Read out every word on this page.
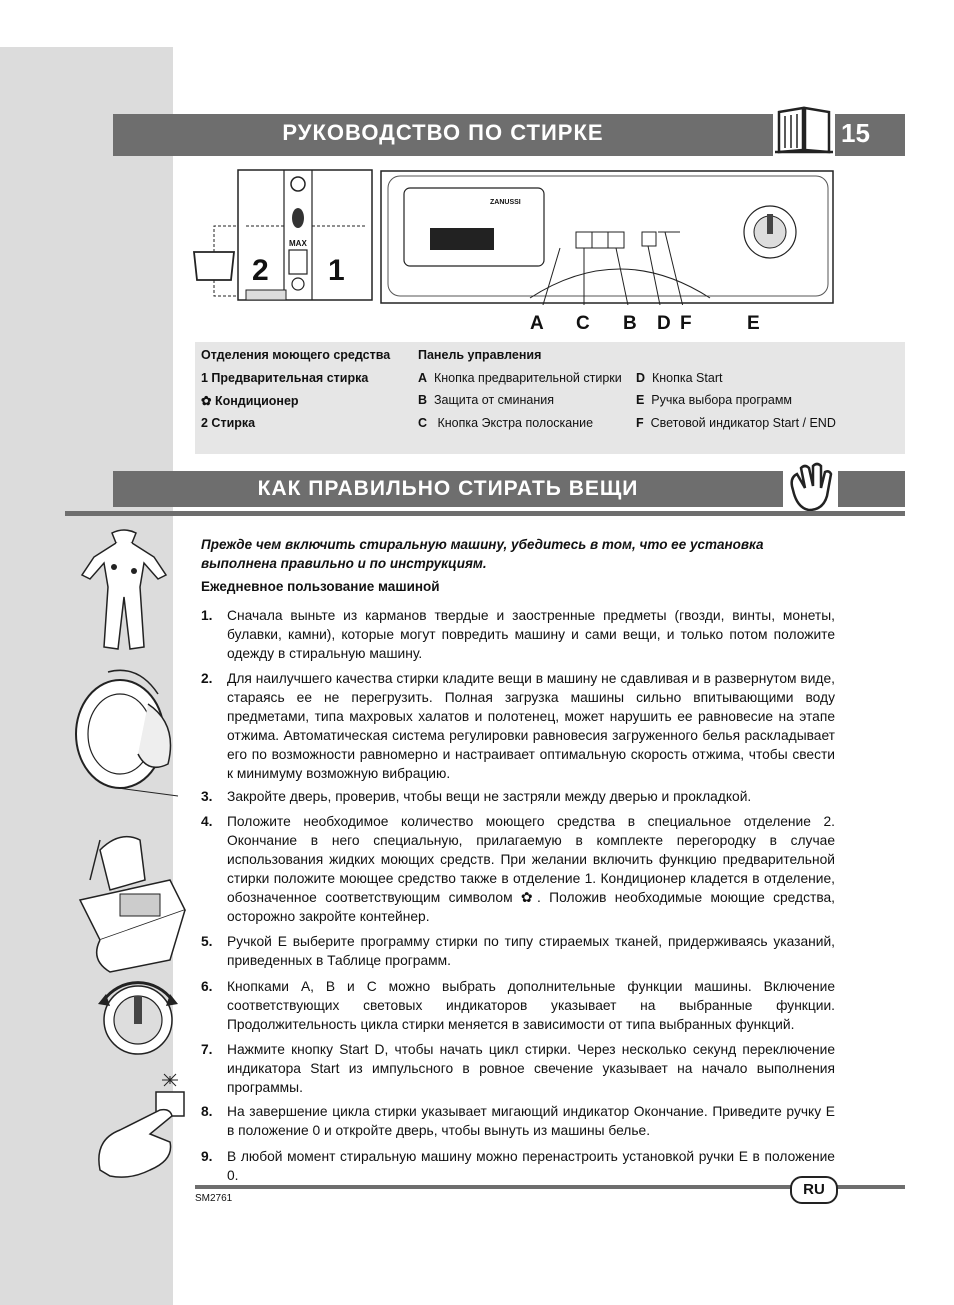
РУКОВОДСТВО ПО СТИРКЕ	15
2 1
MAX
ZANUSSI
A C B D F	E
Отделения моющего средства
1 Предварительная стирка
✿ Кондиционер
2 Стирка
Панель управления
A Кнопка предварительной стирки
B Защита от сминания
C Кнопка Экстра полоскание
D Кнопка Start
E Ручка выбора программ
F Световой индикатор Start / END
КАК ПРАВИЛЬНО СТИРАТЬ ВЕЩИ
Прежде чем включить стиральную машину, убедитесь в том, что ее установка выполнена правильно и по инструкциям.
Ежедневное пользование машиной
1. Сначала выньте из карманов твердые и заостренные предметы (гвозди, винты, монеты, булавки, камни), которые могут повредить машину и сами вещи, и только потом положите одежду в стиральную машину.
2. Для наилучшего качества стирки кладите вещи в машину не сдавливая и в развернутом виде, стараясь ее не перегрузить. Полная загрузка машины сильно впитывающими воду предметами, типа махровых халатов и полотенец, может нарушить ее равновесие на этапе отжима. Автоматическая система регулировки равновесия загруженного белья раскладывает его по возможности равномерно и настраивает оптимальную скорость отжима, чтобы свести к минимуму возможную вибрацию.
3. Закройте дверь, проверив, чтобы вещи не застряли между дверью и прокладкой.
4. Положите необходимое количество моющего средства в специальное отделение 2. Окончание в него специальную, прилагаемую в комплекте перегородку в случае использования жидких моющих средств. При желании включить функцию предварительной стирки положите моющее средство также в отделение 1. Кондиционер кладется в отделение, обозначенное соответствующим символом ✿. Положив необходимые моющие средства, осторожно закройте контейнер.
5. Ручкой E выберите программу стирки по типу стираемых тканей, придерживаясь указаний, приведенных в Таблице программ.
6. Кнопками A, B и C можно выбрать дополнительные функции машины. Включение соответствующих световых индикаторов указывает на выбранные функции. Продолжительность цикла стирки меняется в зависимости от типа выбранных функций.
7. Нажмите кнопку Start D, чтобы начать цикл стирки. Через несколько секунд переключение индикатора Start из импульсного в ровное свечение указывает на начало выполнения программы.
8. На завершение цикла стирки указывает мигающий индикатор Окончание. Приведите ручку E в положение 0 и откройте дверь, чтобы вынуть из машины белье.
9. В любой момент стиральную машину можно перенастроить установкой ручки E в положение 0.
RU
SM2761
